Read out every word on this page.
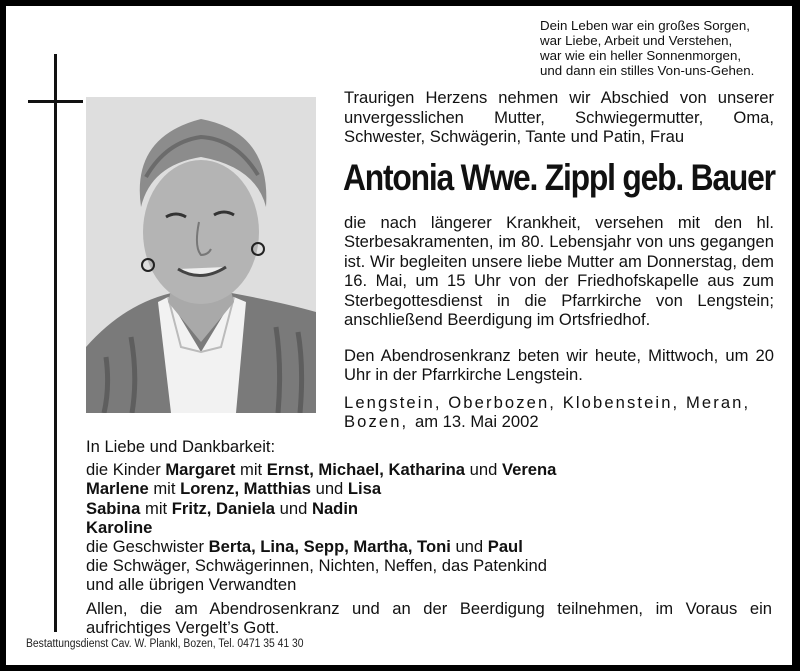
Dein Leben war ein großes Sorgen,
war Liebe, Arbeit und Verstehen,
war wie ein heller Sonnenmorgen,
und dann ein stilles Von-uns-Gehen.
Traurigen Herzens nehmen wir Abschied von unserer unvergesslichen Mutter, Schwiegermutter, Oma, Schwester, Schwägerin, Tante und Patin, Frau
Antonia Wwe. Zippl geb. Bauer
die nach längerer Krankheit, versehen mit den hl. Sterbesakramenten, im 80. Lebensjahr von uns gegangen ist. Wir begleiten unsere liebe Mutter am Donnerstag, dem 16. Mai, um 15 Uhr von der Friedhofskapelle aus zum Sterbegottesdienst in die Pfarrkirche von Lengstein; anschließend Beerdigung im Ortsfriedhof.
Den Abendrosenkranz beten wir heute, Mittwoch, um 20 Uhr in der Pfarrkirche Lengstein.
Lengstein, Oberbozen, Klobenstein, Meran, Bozen, am 13. Mai 2002
In Liebe und Dankbarkeit:
die Kinder Margaret mit Ernst, Michael, Katharina und Verena
Marlene mit Lorenz, Matthias und Lisa
Sabina mit Fritz, Daniela und Nadin
Karoline
die Geschwister Berta, Lina, Sepp, Martha, Toni und Paul
die Schwäger, Schwägerinnen, Nichten, Neffen, das Patenkind
und alle übrigen Verwandten
Allen, die am Abendrosenkranz und an der Beerdigung teilnehmen, im Voraus ein
aufrichtiges Vergelt’s Gott.
Bestattungsdienst Cav. W. Plankl, Bozen, Tel. 0471 35 41 30
